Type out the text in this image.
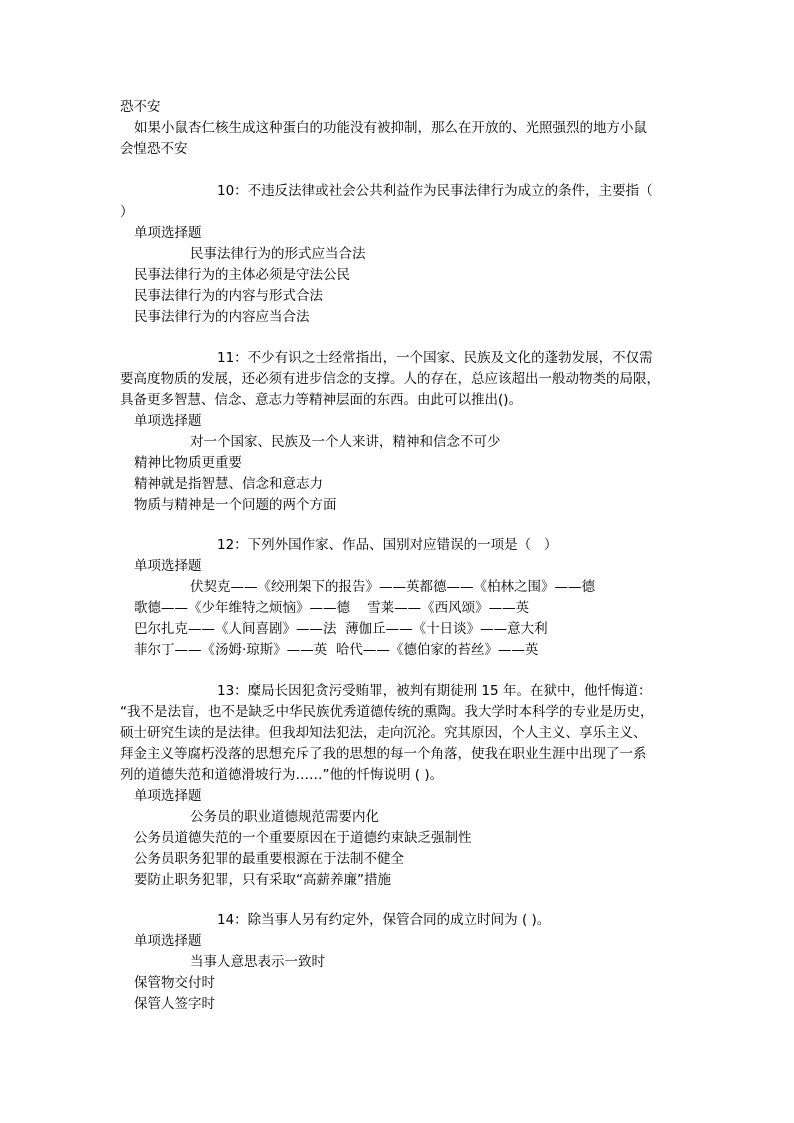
恐不安
如果小鼠杏仁核生成这种蛋白的功能没有被抑制，那么在开放的、光照强烈的地方小鼠
会惶恐不安
10：不违反法律或社会公共利益作为民事法律行为成立的条件，主要指（
）
单项选择题
民事法律行为的形式应当合法
民事法律行为的主体必须是守法公民
民事法律行为的内容与形式合法
民事法律行为的内容应当合法
11：不少有识之士经常指出，一个国家、民族及文化的蓬勃发展，不仅需
要高度物质的发展，还必须有进步信念的支撑。人的存在，总应该超出一般动物类的局限，
具备更多智慧、信念、意志力等精神层面的东西。由此可以推出()。
单项选择题
对一个国家、民族及一个人来讲，精神和信念不可少
精神比物质更重要
精神就是指智慧、信念和意志力
物质与精神是一个问题的两个方面
12：下列外国作家、作品、国别对应错误的一项是（   ）
单项选择题
伏契克——《绞刑架下的报告》——英都德——《柏林之围》——德
歌德——《少年维特之烦恼》——德    雪莱——《西风颂》——英
巴尔扎克——《人间喜剧》——法  薄伽丘——《十日谈》——意大利
菲尔丁——《汤姆·琼斯》——英  哈代——《德伯家的苔丝》——英
13：糜局长因犯贪污受贿罪，被判有期徒刑 15 年。在狱中，他忏悔道：
“我不是法盲，也不是缺乏中华民族优秀道德传统的熏陶。我大学时本科学的专业是历史，
硕士研究生读的是法律。但我却知法犯法，走向沉沦。究其原因，个人主义、享乐主义、
拜金主义等腐朽没落的思想充斥了我的思想的每一个角落，使我在职业生涯中出现了一系
列的道德失范和道德滑坡行为……”他的忏悔说明 ( )。
单项选择题
公务员的职业道德规范需要内化
公务员道德失范的一个重要原因在于道德约束缺乏强制性
公务员职务犯罪的最重要根源在于法制不健全
要防止职务犯罪，只有采取“高薪养廉”措施
14：除当事人另有约定外，保管合同的成立时间为 ( )。
单项选择题
当事人意思表示一致时
保管物交付时
保管人签字时
